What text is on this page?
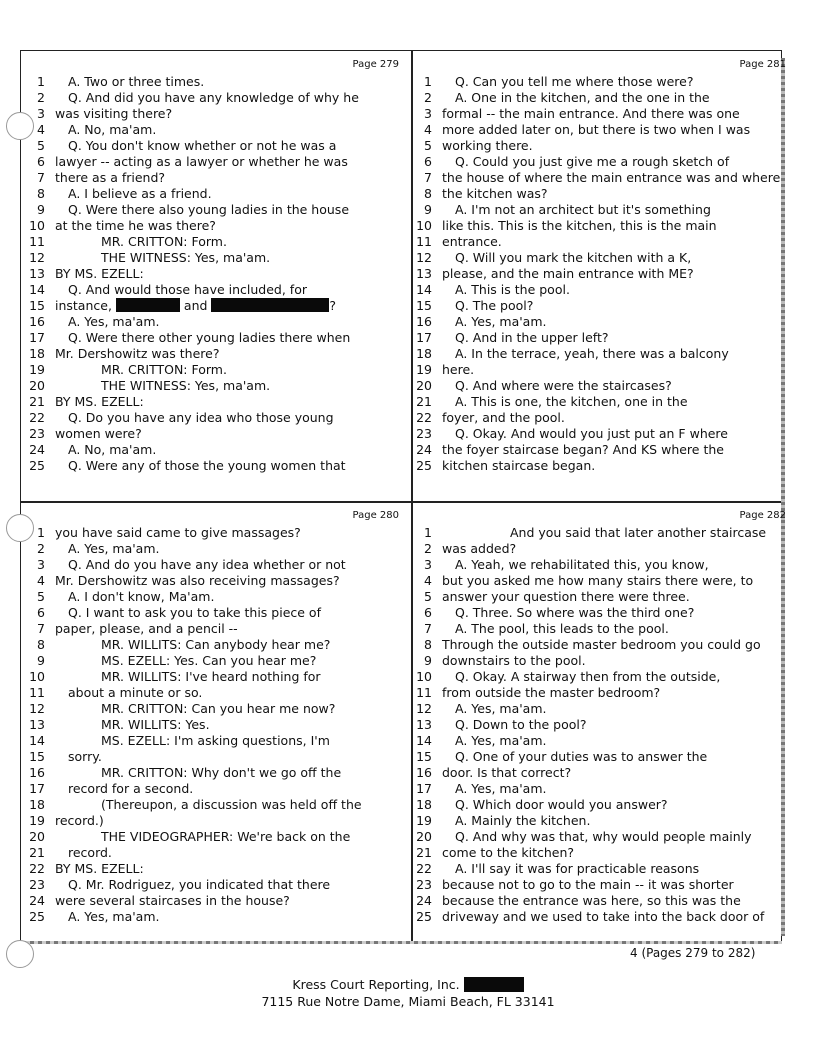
Page 279
1	A. Two or three times.
2	Q. And did you have any knowledge of why he
3 was visiting there?
4	A. No, ma'am.
5	Q. You don't know whether or not he was a
6 lawyer -- acting as a lawyer or whether he was
7 there as a friend?
8	A. I believe as a friend.
9	Q. Were there also young ladies in the house
10 at the time he was there?
11	MR. CRITTON: Form.
12	THE WITNESS: Yes, ma'am.
13 BY MS. EZELL:
14	Q. And would those have included, for
15 instance,	and	?
16	A. Yes, ma'am.
17	Q. Were there other young ladies there when
18 Mr. Dershowitz was there?
19	MR. CRITTON: Form.
20	THE WITNESS: Yes, ma'am.
21 BY MS. EZELL:
22	Q. Do you have any idea who those young
23 women were?
24	A. No, ma'am.
25	Q. Were any of those the young women that
Page 281
1	Q. Can you tell me where those were?
2	A. One in the kitchen, and the one in the
3 formal -- the main entrance. And there was one
4 more added later on, but there is two when I was
5 working there.
6	Q. Could you just give me a rough sketch of
7 the house of where the main entrance was and where
8 the kitchen was?
9	A. I'm not an architect but it's something
10 like this. This is the kitchen, this is the main
11 entrance.
12	Q. Will you mark the kitchen with a K,
13 please, and the main entrance with ME?
14	A. This is the pool.
15	Q. The pool?
16	A. Yes, ma'am.
17	Q. And in the upper left?
18	A. In the terrace, yeah, there was a balcony
19 here.
20	Q. And where were the staircases?
21	A. This is one, the kitchen, one in the
22 foyer, and the pool.
23	Q. Okay. And would you just put an F where
24 the foyer staircase began? And KS where the
25 kitchen staircase began.
Page 280
1 you have said came to give massages?
2	A. Yes, ma'am.
3	Q. And do you have any idea whether or not
4 Mr. Dershowitz was also receiving massages?
5	A. I don't know, Ma'am.
6	Q. I want to ask you to take this piece of
7 paper, please, and a pencil --
8	MR. WILLITS: Can anybody hear me?
9	MS. EZELL: Yes. Can you hear me?
10	MR. WILLITS: I've heard nothing for
11	about a minute or so.
12	MR. CRITTON: Can you hear me now?
13	MR. WILLITS: Yes.
14	MS. EZELL: I'm asking questions, I'm
15	sorry.
16	MR. CRITTON: Why don't we go off the
17	record for a second.
18	(Thereupon, a discussion was held off the
19 record.)
20	THE VIDEOGRAPHER: We're back on the
21	record.
22 BY MS. EZELL:
23	Q. Mr. Rodriguez, you indicated that there
24 were several staircases in the house?
25	A. Yes, ma'am.
Page 282
1	And you said that later another staircase
2 was added?
3	A. Yeah, we rehabilitated this, you know,
4 but you asked me how many stairs there were, to
5 answer your question there were three.
6	Q. Three. So where was the third one?
7	A. The pool, this leads to the pool.
8 Through the outside master bedroom you could go
9 downstairs to the pool.
10	Q. Okay. A stairway then from the outside,
11 from outside the master bedroom?
12	A. Yes, ma'am.
13	Q. Down to the pool?
14	A. Yes, ma'am.
15	Q. One of your duties was to answer the
16 door. Is that correct?
17	A. Yes, ma'am.
18	Q. Which door would you answer?
19	A. Mainly the kitchen.
20	Q. And why was that, why would people mainly
21 come to the kitchen?
22	A. I'll say it was for practicable reasons
23 because not to go to the main -- it was shorter
24 because the entrance was here, so this was the
25 driveway and we used to take into the back door of
4 (Pages 279 to 282)
Kress Court Reporting, Inc.
7115 Rue Notre Dame, Miami Beach, FL 33141
